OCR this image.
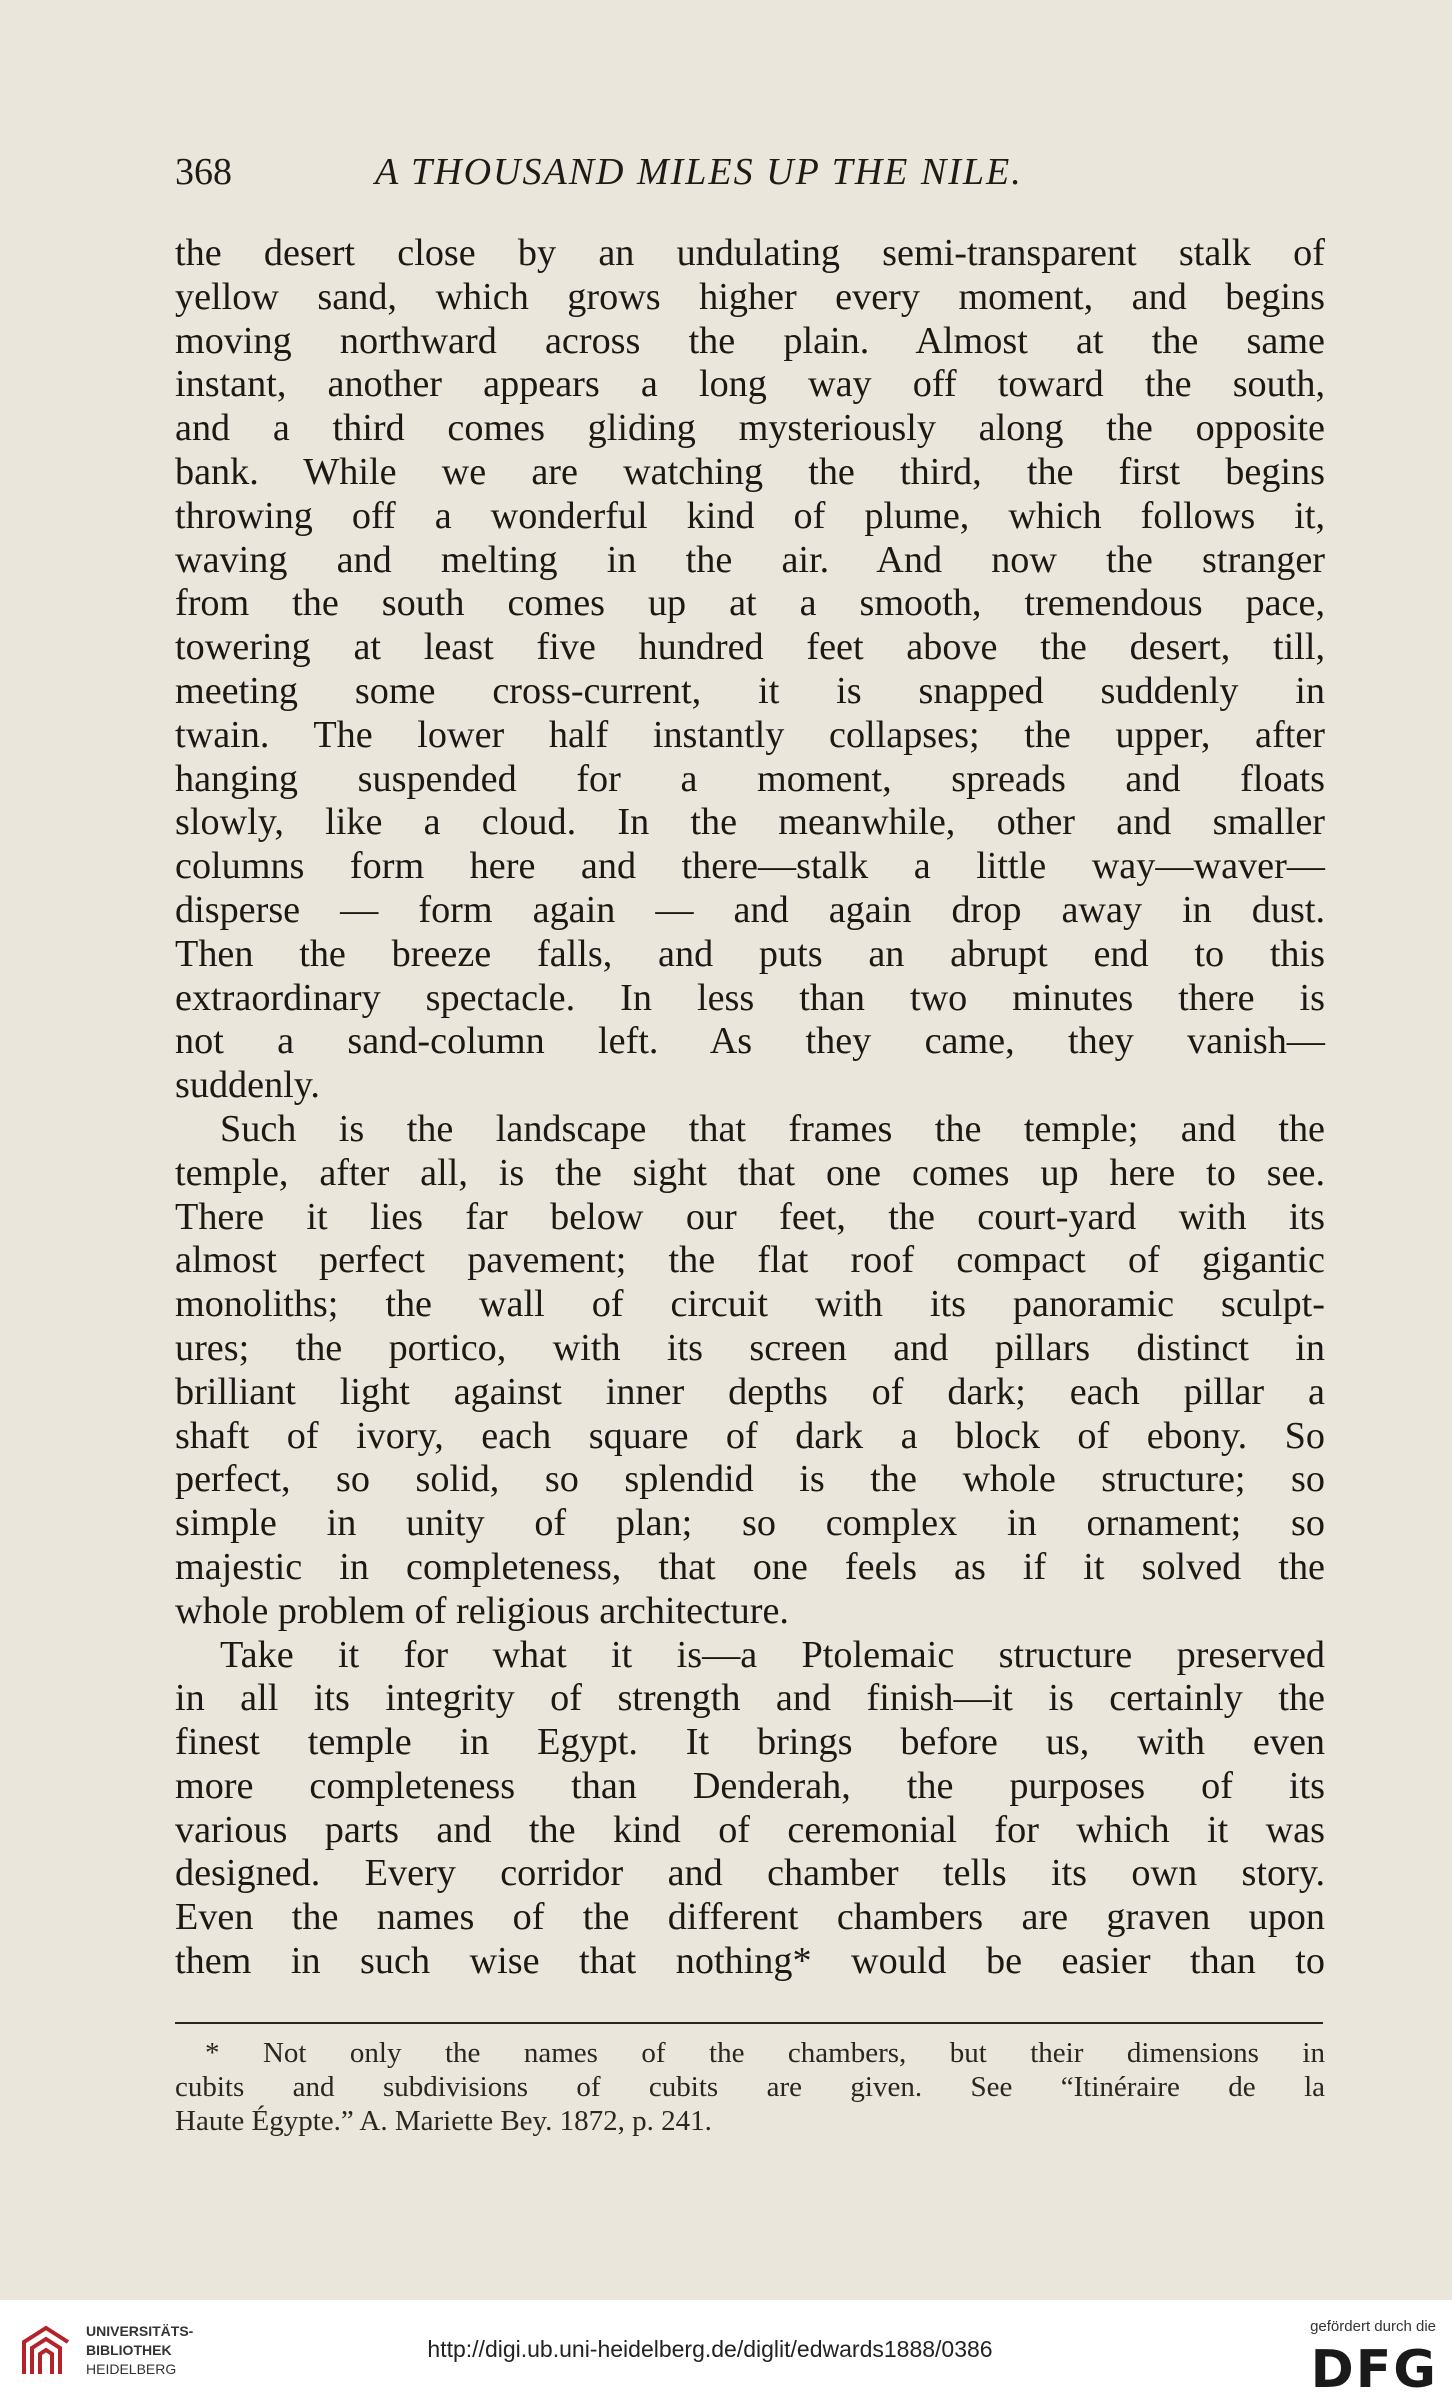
368	A THOUSAND MILES UP THE NILE.
the desert close by an undulating semi-transparent stalk of
yellow sand, which grows higher every moment, and begins
moving northward across the plain. Almost at the same
instant, another appears a long way off toward the south,
and a third comes gliding mysteriously along the opposite
bank. While we are watching the third, the first begins
throwing off a wonderful kind of plume, which follows it,
waving and melting in the air. And now the stranger
from the south comes up at a smooth, tremendous pace,
towering at least five hundred feet above the desert, till,
meeting some cross-current, it is snapped suddenly in
twain. The lower half instantly collapses; the upper, after
hanging suspended for a moment, spreads and floats
slowly, like a cloud. In the meanwhile, other and smaller
columns form here and there—stalk a little way—waver—
disperse — form again — and again drop away in dust.
Then the breeze falls, and puts an abrupt end to this
extraordinary spectacle. In less than two minutes there is
not a sand-column left. As they came, they vanish—
suddenly.
Such is the landscape that frames the temple; and the
temple, after all, is the sight that one comes up here to see.
There it lies far below our feet, the court-yard with its
almost perfect pavement; the flat roof compact of gigantic
monoliths; the wall of circuit with its panoramic sculpt-
ures; the portico, with its screen and pillars distinct in
brilliant light against inner depths of dark; each pillar a
shaft of ivory, each square of dark a block of ebony. So
perfect, so solid, so splendid is the whole structure; so
simple in unity of plan; so complex in ornament; so
majestic in completeness, that one feels as if it solved the
whole problem of religious architecture.
Take it for what it is—a Ptolemaic structure preserved
in all its integrity of strength and finish—it is certainly the
finest temple in Egypt. It brings before us, with even
more completeness than Denderah, the purposes of its
various parts and the kind of ceremonial for which it was
designed. Every corridor and chamber tells its own story.
Even the names of the different chambers are graven upon
them in such wise that nothing* would be easier than to
* Not only the names of the chambers, but their dimensions in
cubits and subdivisions of cubits are given. See “Itinéraire de la
Haute Égypte.” A. Mariette Bey. 1872, p. 241.
UNIVERSITÄTS-
BIBLIOTHEK
HEIDELBERG
http://digi.ub.uni-heidelberg.de/diglit/edwards1888/0386
gefördert durch die
DFG
